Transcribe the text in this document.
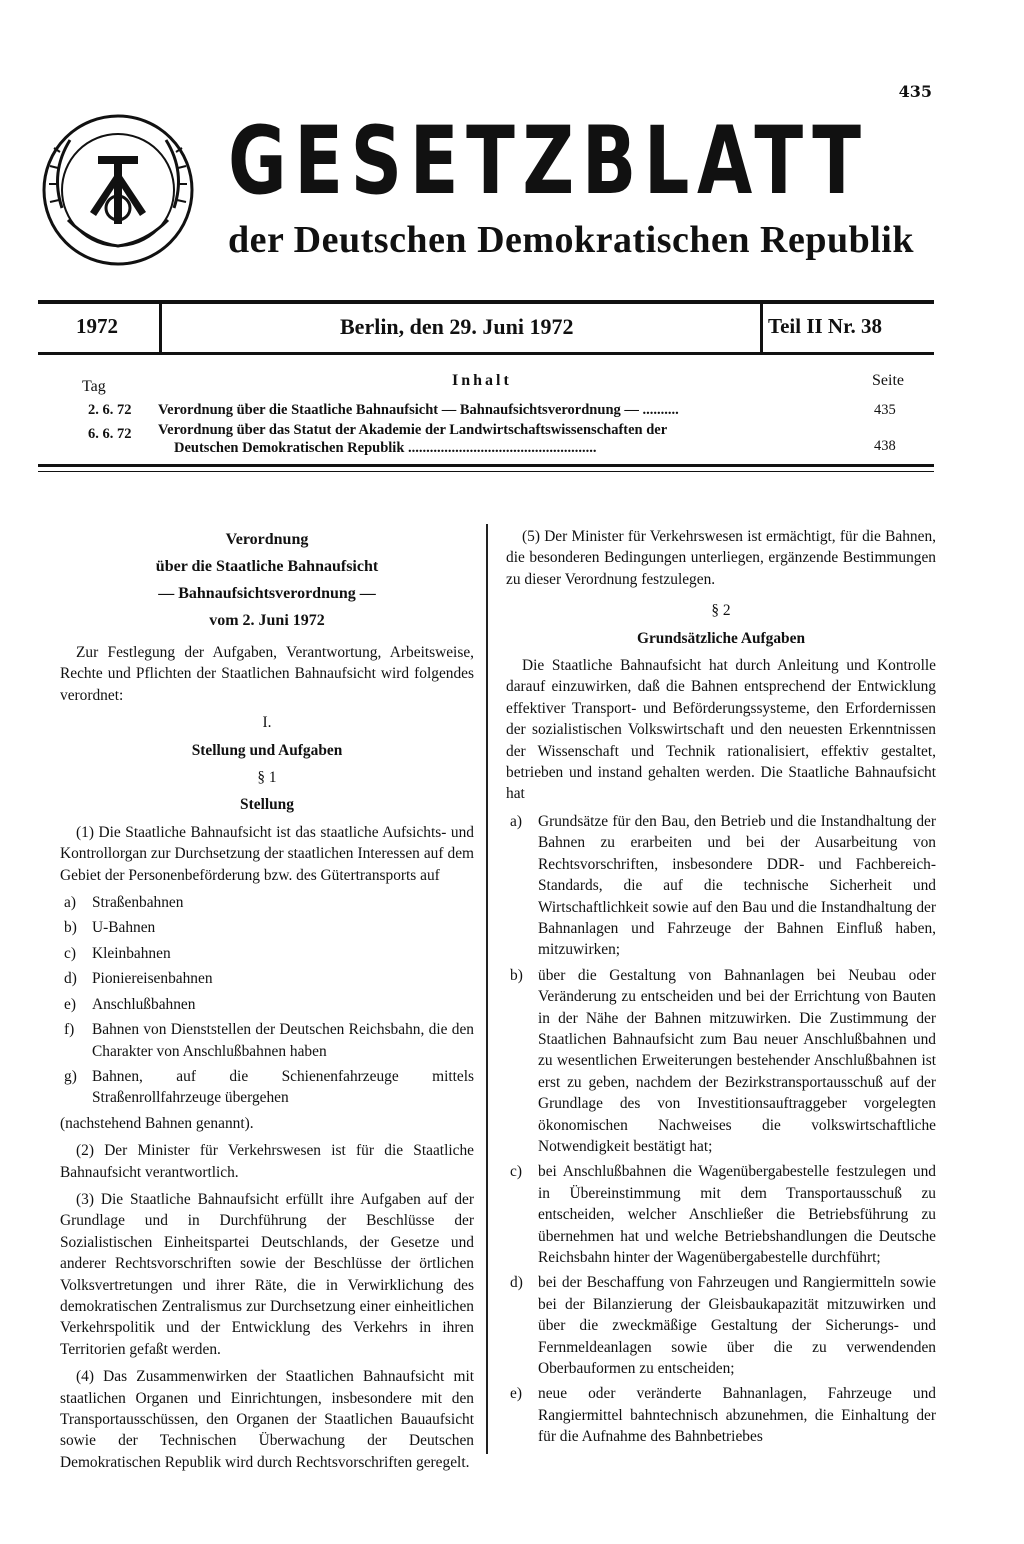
435
GESETZBLATT
der Deutschen Demokratischen Republik
1972	Berlin, den 29. Juni 1972	Teil II Nr. 38
Tag	Inhalt	Seite
2. 6. 72 Verordnung über die Staatliche Bahnaufsicht — Bahnaufsichtsverordnung — ..........	435
6. 6. 72 Verordnung über das Statut der Akademie der Landwirtschaftswissenschaften der
Deutschen Demokratischen Republik ....................................................	438

Verordnung

über die Staatliche Bahnaufsicht

— Bahnaufsichtsverordnung —

vom 2. Juni 1972

Zur Festlegung der Aufgaben, Verantwortung, Arbeitsweise, Rechte und Pflichten der Staatlichen Bahnaufsicht wird folgendes verordnet:

I.

Stellung und Aufgaben

§ 1

Stellung

(1) Die Staatliche Bahnaufsicht ist das staatliche Aufsichts- und Kontrollorgan zur Durchsetzung der staatlichen Interessen auf dem Gebiet der Personenbeförderung bzw. des Gütertransports auf

a)	Straßenbahnen
b) U-Bahnen
c)	Kleinbahnen
d) Pioniereisenbahnen
e)	Anschlußbahnen
f)	Bahnen von Dienststellen der Deutschen Reichsbahn, die den Charakter von Anschlußbahnen haben
g) Bahnen, auf die Schienenfahrzeuge mittels Straßenrollfahrzeuge übergehen

(nachstehend Bahnen genannt).

(2) Der Minister für Verkehrswesen ist für die Staatliche Bahnaufsicht verantwortlich.

(3) Die Staatliche Bahnaufsicht erfüllt ihre Aufgaben auf der Grundlage und in Durchführung der Beschlüsse der Sozialistischen Einheitspartei Deutschlands, der Gesetze und anderer Rechtsvorschriften sowie der Beschlüsse der örtlichen Volksvertretungen und ihrer Räte, die in Verwirklichung des demokratischen Zentralismus zur Durchsetzung einer einheitlichen Verkehrspolitik und der Entwicklung des Verkehrs in ihren Territorien gefaßt werden.

(4) Das Zusammenwirken der Staatlichen Bahnaufsicht mit staatlichen Organen und Einrichtungen, insbesondere mit den Transportausschüssen, den Organen der Staatlichen Bauaufsicht sowie der Technischen Überwachung der Deutschen Demokratischen Republik wird durch Rechtsvorschriften geregelt.

(5) Der Minister für Verkehrswesen ist ermächtigt, für die Bahnen, die besonderen Bedingungen unterliegen, ergänzende Bestimmungen zu dieser Verordnung festzulegen.

§ 2

Grundsätzliche Aufgaben

Die Staatliche Bahnaufsicht hat durch Anleitung und Kontrolle darauf einzuwirken, daß die Bahnen entsprechend der Entwicklung effektiver Transport- und Beförderungssysteme, den Erfordernissen der sozialistischen Volkswirtschaft und den neuesten Erkenntnissen der Wissenschaft und Technik rationalisiert, effektiv gestaltet, betrieben und instand gehalten werden. Die Staatliche Bahnaufsicht hat

a)	Grundsätze für den Bau, den Betrieb und die Instandhaltung der Bahnen zu erarbeiten und bei der Ausarbeitung von Rechtsvorschriften, insbesondere DDR- und Fachbereich-Standards, die auf die technische Sicherheit und Wirtschaftlichkeit sowie auf den Bau und die Instandhaltung der Bahnanlagen und Fahrzeuge der Bahnen Einfluß haben, mitzuwirken;
b) über die Gestaltung von Bahnanlagen bei Neubau oder Veränderung zu entscheiden und bei der Errichtung von Bauten in der Nähe der Bahnen mitzuwirken. Die Zustimmung der Staatlichen Bahnaufsicht zum Bau neuer Anschlußbahnen und zu wesentlichen Erweiterungen bestehender Anschlußbahnen ist erst zu geben, nachdem der Bezirkstransportausschuß auf der Grundlage des von Investitionsauftraggeber vorgelegten ökonomischen Nachweises die volkswirtschaftliche Notwendigkeit bestätigt hat;
c)	bei Anschlußbahnen die Wagenübergabestelle festzulegen und in Übereinstimmung mit dem Transportausschuß zu entscheiden, welcher Anschließer die Betriebsführung zu übernehmen hat und welche Betriebshandlungen die Deutsche Reichsbahn hinter der Wagenübergabestelle durchführt;
d) bei der Beschaffung von Fahrzeugen und Rangiermitteln sowie bei der Bilanzierung der Gleisbaukapazität mitzuwirken und über die zweckmäßige Gestaltung der Sicherungs- und Fernmeldeanlagen sowie über die zu verwendenden Oberbauformen zu entscheiden;
e)	neue oder veränderte Bahnanlagen, Fahrzeuge und Rangiermittel bahntechnisch abzunehmen, die Einhaltung der für die Aufnahme des Bahnbetriebes
